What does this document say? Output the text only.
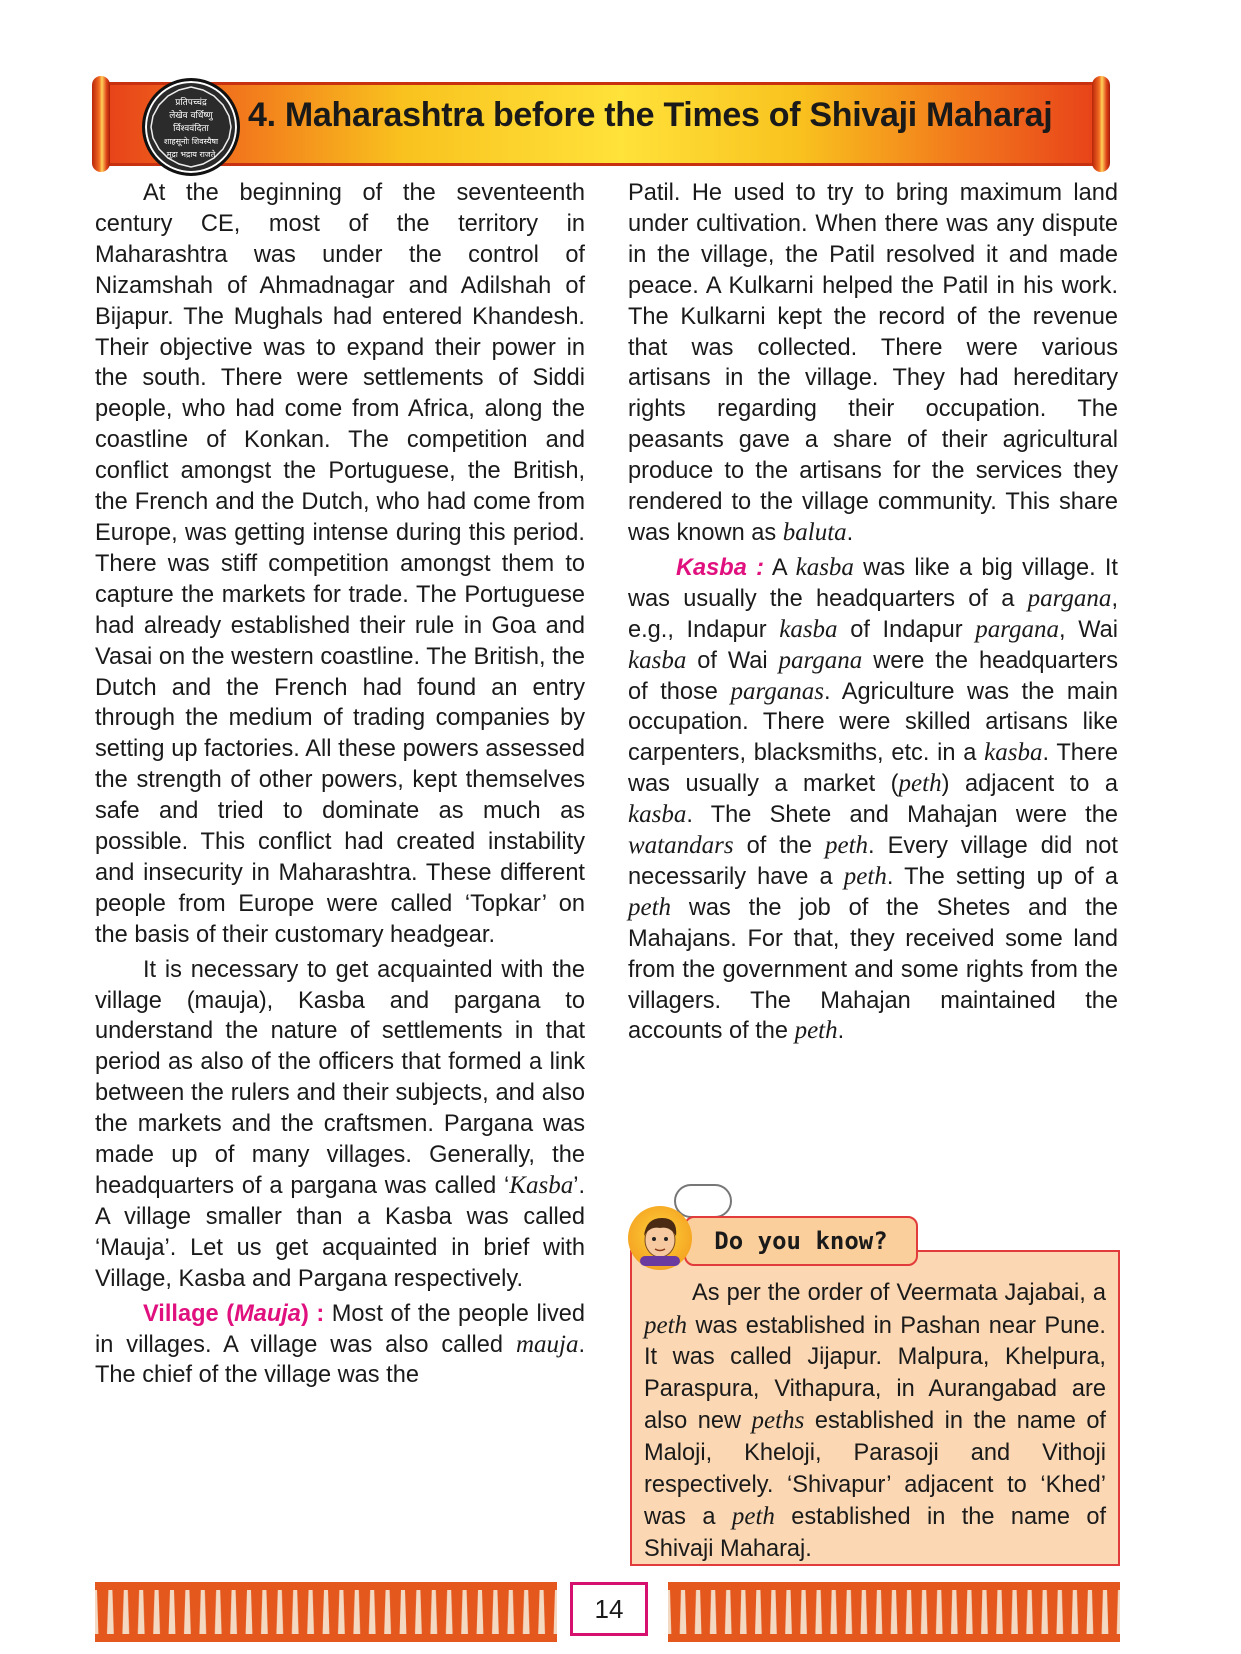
प्रतिपच्चंद्र
लेखेव वर्धिष्णु
र्विश्ववंदिता
शाहसूनोः शिवस्यैषा
मुद्रा भद्राय राजते
4. Maharashtra before the Times of Shivaji Maharaj

At the beginning of the seventeenth century CE, most of the territory in Maharashtra was under the control of Nizamshah of Ahmadnagar and Adilshah of Bijapur. The Mughals had entered Khandesh. Their objective was to expand their power in the south. There were settlements of Siddi people, who had come from Africa, along the coastline of Konkan. The competition and conflict amongst the Portuguese, the British, the French and the Dutch, who had come from Europe, was getting intense during this period. There was stiff competition amongst them to capture the markets for trade. The Portuguese had already established their rule in Goa and Vasai on the western coastline. The British, the Dutch and the French had found an entry through the medium of trading companies by setting up factories. All these powers assessed the strength of other powers, kept themselves safe and tried to dominate as much as possible. This conflict had created instability and insecurity in Maharashtra. These different people from Europe were called ‘Topkar’ on the basis of their customary headgear.

It is necessary to get acquainted with the village (mauja), Kasba and pargana to understand the nature of settlements in that period as also of the officers that formed a link between the rulers and their subjects, and also the markets and the craftsmen. Pargana was made up of many villages. Generally, the headquarters of a pargana was called ‘Kasba’. A village smaller than a Kasba was called ‘Mauja’. Let us get acquainted in brief with Village, Kasba and Pargana respectively.

Village (Mauja) : Most of the people lived in villages. A village was also called mauja. The chief of the village was the

Patil. He used to try to bring maximum land under cultivation. When there was any dispute in the village, the Patil resolved it and made peace. A Kulkarni helped the Patil in his work. The Kulkarni kept the record of the revenue that was collected. There were various artisans in the village. They had hereditary rights regarding their occupation. The peasants gave a share of their agricultural produce to the artisans for the services they rendered to the village community. This share was known as baluta.

Kasba : A kasba was like a big village. It was usually the headquarters of a pargana, e.g., Indapur kasba of Indapur pargana, Wai kasba of Wai pargana were the headquarters of those parganas. Agriculture was the main occupation. There were skilled artisans like carpenters, blacksmiths, etc. in a kasba. There was usually a market (peth) adjacent to a kasba. The Shete and Mahajan were the watandars of the peth. Every village did not necessarily have a peth. The setting up of a peth was the job of the Shetes and the Mahajans. For that, they received some land from the government and some rights from the villagers. The Mahajan maintained the accounts of the peth.

As per the order of Veermata Jajabai, a peth was established in Pashan near Pune. It was called Jijapur. Malpura, Khelpura, Paraspura, Vithapura, in Aurangabad are also new peths established in the name of Maloji, Kheloji, Parasoji and Vithoji respectively. ‘Shivapur’ adjacent to ‘Khed’ was a peth established in the name of Shivaji Maharaj.

Do you know?
14
